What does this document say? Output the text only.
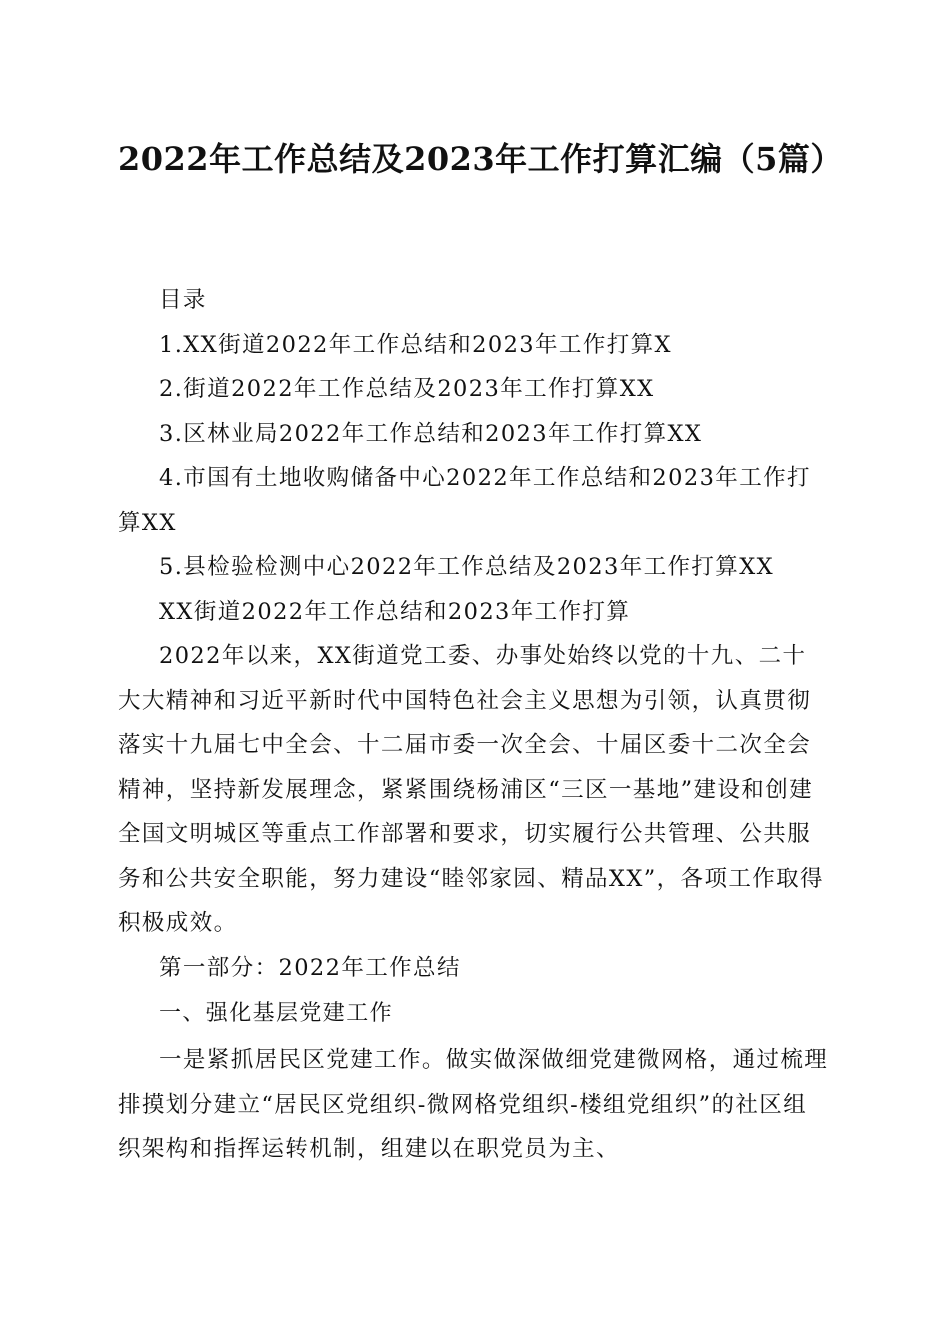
2022年工作总结及2023年工作打算汇编（5篇）

目录

1.XX街道2022年工作总结和2023年工作打算X

2.街道2022年工作总结及2023年工作打算XX

3.区林业局2022年工作总结和2023年工作打算XX

4.市国有土地收购储备中心2022年工作总结和2023年工作打算XX

5.县检验检测中心2022年工作总结及2023年工作打算XX

XX街道2022年工作总结和2023年工作打算

2022年以来，XX街道党工委、办事处始终以党的十九、二十大大精神和习近平新时代中国特色社会主义思想为引领，认真贯彻落实十九届七中全会、十二届市委一次全会、十届区委十二次全会精神，坚持新发展理念，紧紧围绕杨浦区“三区一基地”建设和创建全国文明城区等重点工作部署和要求，切实履行公共管理、公共服务和公共安全职能，努力建设“睦邻家园、精品XX”，各项工作取得积极成效。

第一部分：2022年工作总结

一、强化基层党建工作

一是紧抓居民区党建工作。做实做深做细党建微网格，通过梳理排摸划分建立“居民区党组织-微网格党组织-楼组党组织”的社区组织架构和指挥运转机制，组建以在职党员为主、
